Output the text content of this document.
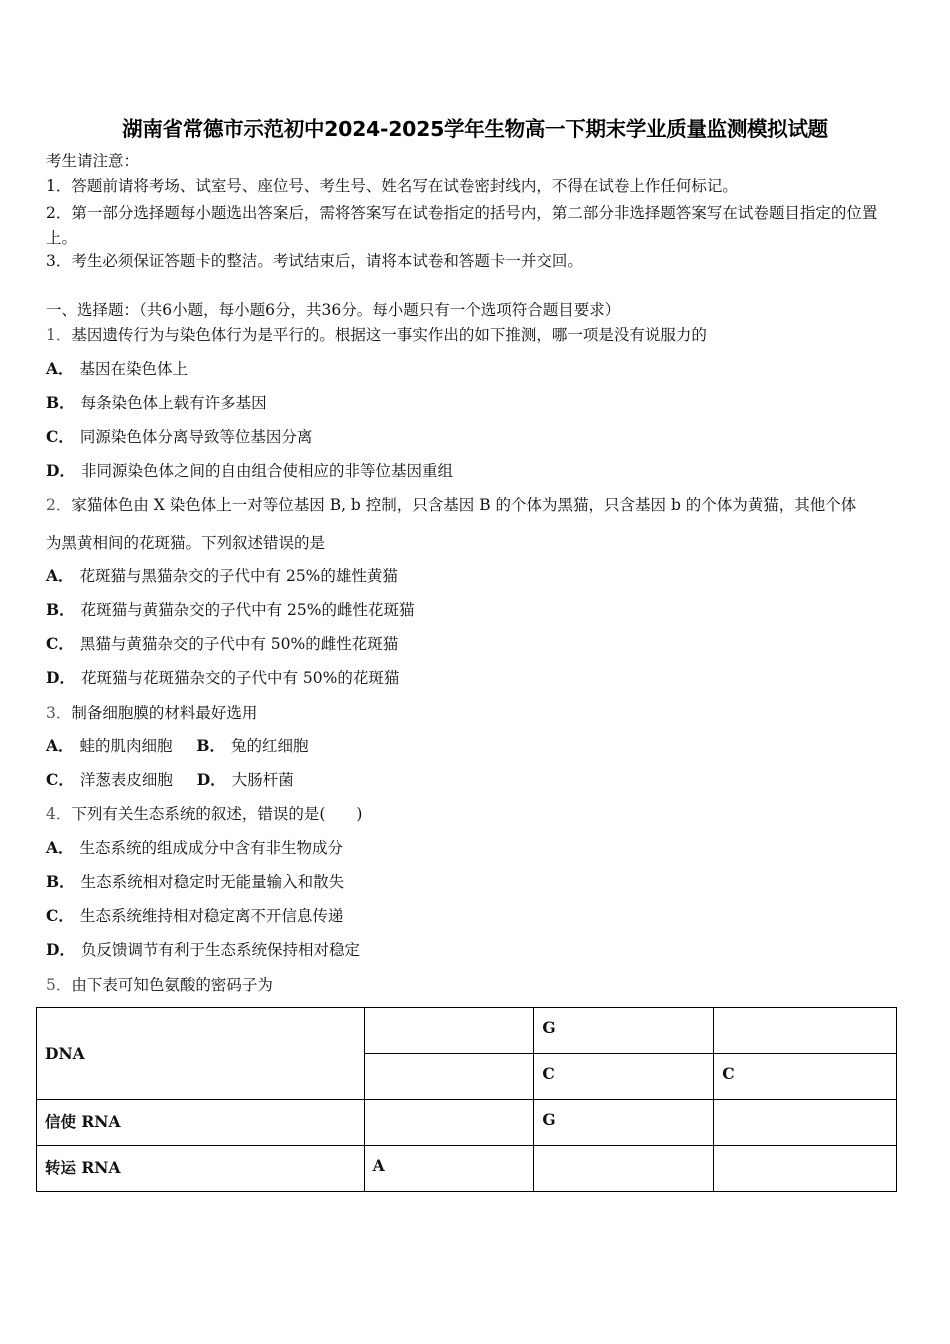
湖南省常德市示范初中2024-2025学年生物高一下期末学业质量监测模拟试题
考生请注意：
1．答题前请将考场、试室号、座位号、考生号、姓名写在试卷密封线内，不得在试卷上作任何标记。
2．第一部分选择题每小题选出答案后，需将答案写在试卷指定的括号内，第二部分非选择题答案写在试卷题目指定的位置上。
3．考生必须保证答题卡的整洁。考试结束后，请将本试卷和答题卡一并交回。
一、选择题：（共6小题，每小题6分，共36分。每小题只有一个选项符合题目要求）
1．基因遗传行为与染色体行为是平行的。根据这一事实作出的如下推测，哪一项是没有说服力的
A． 基因在染色体上
B． 每条染色体上载有许多基因
C． 同源染色体分离导致等位基因分离
D． 非同源染色体之间的自由组合使相应的非等位基因重组
2．家猫体色由 X 染色体上一对等位基因 B, b 控制，只含基因 B 的个体为黑猫，只含基因 b 的个体为黄猫，其他个体
为黑黄相间的花斑猫。下列叙述错误的是
A． 花斑猫与黑猫杂交的子代中有 25%的雄性黄猫
B． 花斑猫与黄猫杂交的子代中有 25%的雌性花斑猫
C． 黑猫与黄猫杂交的子代中有 50%的雌性花斑猫
D． 花斑猫与花斑猫杂交的子代中有 50%的花斑猫
3．制备细胞膜的材料最好选用
A． 蛙的肌肉细胞 B． 兔的红细胞
C． 洋葱表皮细胞 D． 大肠杆菌
4．下列有关生态系统的叙述，错误的是(　　)
A． 生态系统的组成成分中含有非生物成分
B． 生态系统相对稳定时无能量输入和散失
C． 生态系统维持相对稳定离不开信息传递
D． 负反馈调节有利于生态系统保持相对稳定
5．由下表可知色氨酸的密码子为
DNA		G	
		C	C
信使 RNA		G	
转运 RNA	A		
